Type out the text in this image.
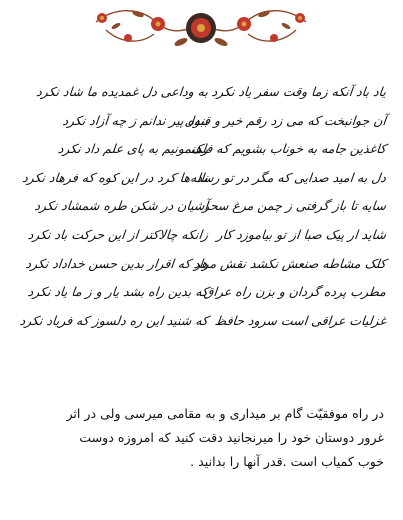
یاد باد آنکه زما وقت سفر یاد نکرد
آن جوانبخت که می زد رقم خیر و قبول
کاغذین جامه به خوناب بشویم که فلک
دل به امید صدایی که مگر در تو رسد
سایه تا باز گرفتی ز چمن مرغ سحر
شاید ار پیک صبا از تو بیاموزد کار
کلک مشاطه صنعش نکشد نقش مراد
مطرب پرده گردان و بزن راه عراق
غزلیات عراقی است سرود حافظ
به وداعی دل غمدیده ما شاد نکرد
بنده پیر ندانم ز چه آزاد نکرد
رهنمونیم به پای علم داد نکرد
ناله‌ها کرد در این کوه که فرهاد نکرد
آشیان در شکن طره شمشاد نکرد
زانکه چالاکتر از این حرکت باد نکرد
هر که اقرار بدین حسن خداداد نکرد
که بدین راه بشد یار و ز ما یاد نکرد
که شنید این ره دلسوز که فریاد نکرد
در راه موفقیّت گام بر میداری و به مقامی میرسی ولی در اثر
غرور دوستان خود را میرنجانید دقت کنید که امروزه دوست
خوب کمیاب است .قدر آنها را بدانید .
